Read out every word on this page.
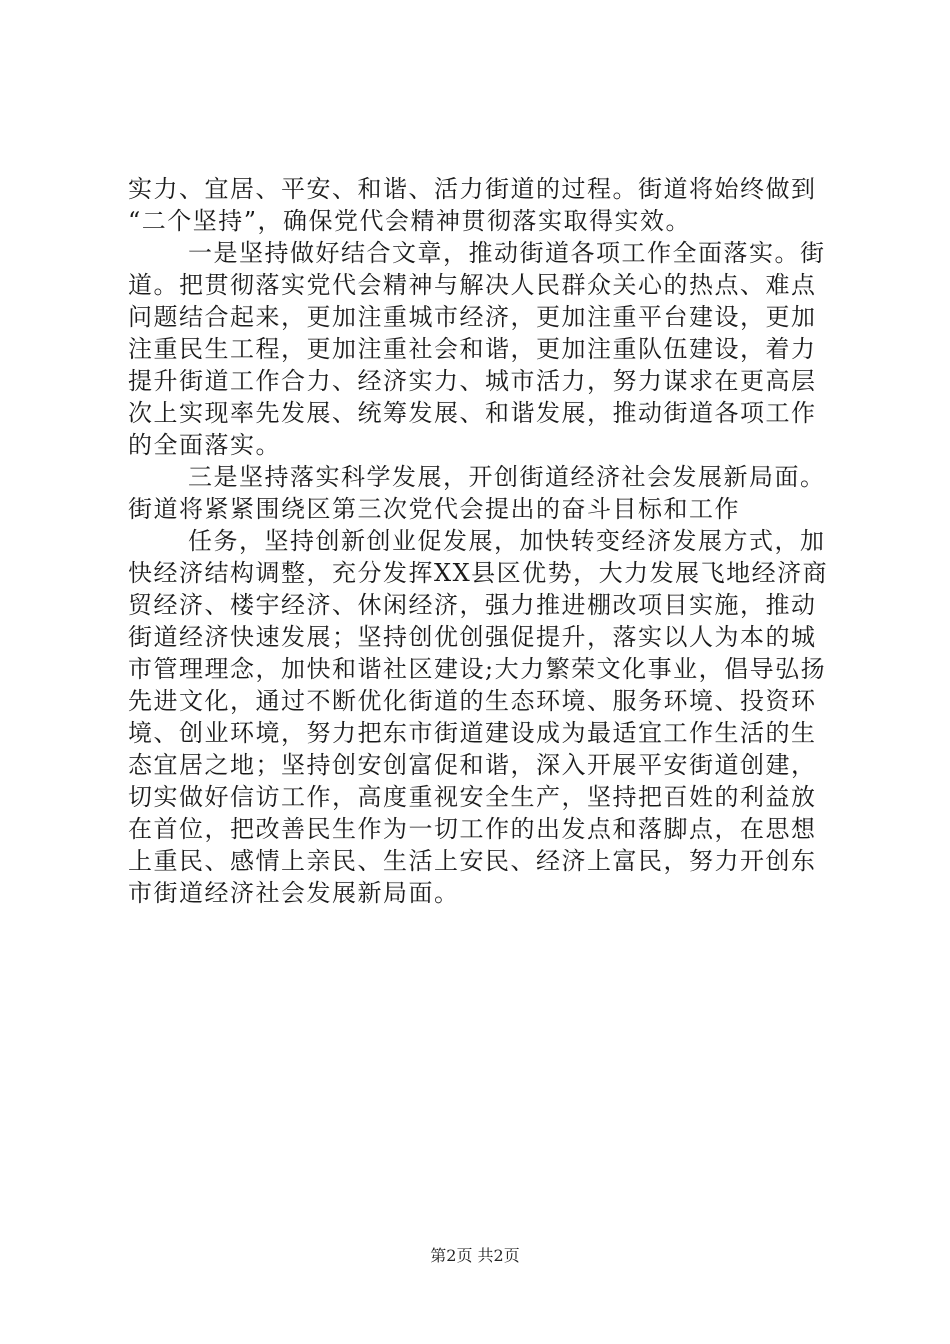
实力、宜居、平安、和谐、活力街道的过程。街道将始终做到
“二个坚持”，确保党代会精神贯彻落实取得实效。
一是坚持做好结合文章，推动街道各项工作全面落实。街
道。把贯彻落实党代会精神与解决人民群众关心的热点、难点
问题结合起来，更加注重城市经济，更加注重平台建设，更加
注重民生工程，更加注重社会和谐，更加注重队伍建设，着力
提升街道工作合力、经济实力、城市活力，努力谋求在更高层
次上实现率先发展、统筹发展、和谐发展，推动街道各项工作
的全面落实。
三是坚持落实科学发展，开创街道经济社会发展新局面。
街道将紧紧围绕区第三次党代会提出的奋斗目标和工作
任务，坚持创新创业促发展，加快转变经济发展方式，加
快经济结构调整，充分发挥XX县区优势，大力发展飞地经济商
贸经济、楼宇经济、休闲经济，强力推进棚改项目实施，推动
街道经济快速发展；坚持创优创强促提升，落实以人为本的城
市管理理念，加快和谐社区建设;大力繁荣文化事业，倡导弘扬
先进文化，通过不断优化街道的生态环境、服务环境、投资环
境、创业环境，努力把东市街道建设成为最适宜工作生活的生
态宜居之地；坚持创安创富促和谐，深入开展平安街道创建，
切实做好信访工作，高度重视安全生产，坚持把百姓的利益放
在首位，把改善民生作为一切工作的出发点和落脚点，在思想
上重民、感情上亲民、生活上安民、经济上富民，努力开创东
市街道经济社会发展新局面。
第2页 共2页
